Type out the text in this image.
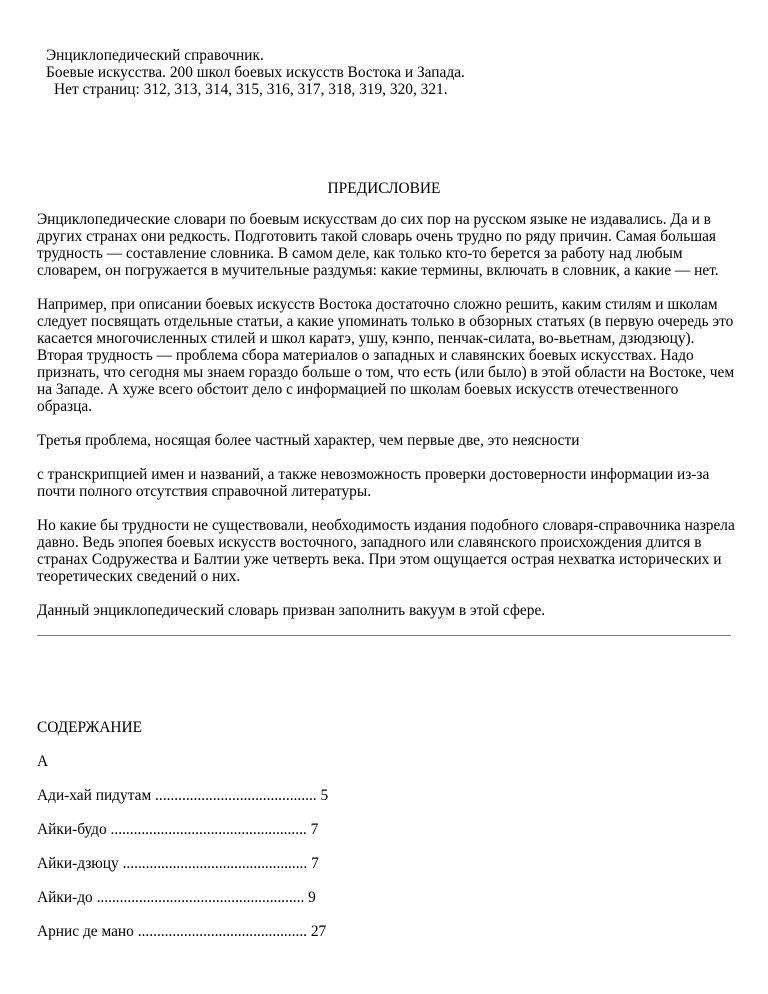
Энциклопедический справочник.
Боевые искусства. 200 школ боевых искусств Востока и Запада.
Нет страниц: 312, 313, 314, 315, 316, 317, 318, 319, 320, 321.
ПРЕДИСЛОВИЕ

Энциклопедические словари по боевым искусствам до сих пор на русском языке не издавались. Да и в других странах они редкость. Подготовить такой словарь очень трудно по ряду причин. Самая большая трудность — составление словника. В самом деле, как только кто-то берется за работу над любым словарем, он погружается в мучительные раздумья: какие термины, включать в словник, а какие — нет.

Например, при описании боевых искусств Востока достаточно сложно решить, каким стилям и школам следует посвящать отдельные статьи, а какие упоминать только в обзорных статьях (в первую очередь это касается многочисленных стилей и школ каратэ, ушу, кэнпо, пенчак-силата, во-вьетнам, дзюдзюцу). Вторая трудность — проблема сбора материалов о западных и славянских боевых искусствах. Надо признать, что сегодня мы знаем гораздо больше о том, что есть (или было) в этой области на Востоке, чем на Западе. А хуже всего обстоит дело с информацией по школам боевых искусств отечественного образца.

Третья проблема, носящая более частный характер, чем первые две, это неясности

с транскрипцией имен и названий, а также невозможность проверки достоверности информации из-за почти полного отсутствия справочной литературы.

Но какие бы трудности не существовали, необходимость издания подобного словаря-справочника назрела давно. Ведь эпопея боевых искусств восточного, западного или славянского происхождения длится в странах Содружества и Балтии уже четверть века. При этом ощущается острая нехватка исторических и теоретических сведений о них.

Данный энциклопедический словарь призван заполнить вакуум в этой сфере.

СОДЕРЖАНИЕ
А
Ади-хай пидутам .......................................... 5
Айки-будо ................................................... 7
Айки-дзюцу ................................................ 7
Айки-до ...................................................... 9
Арнис де мано ............................................ 27
